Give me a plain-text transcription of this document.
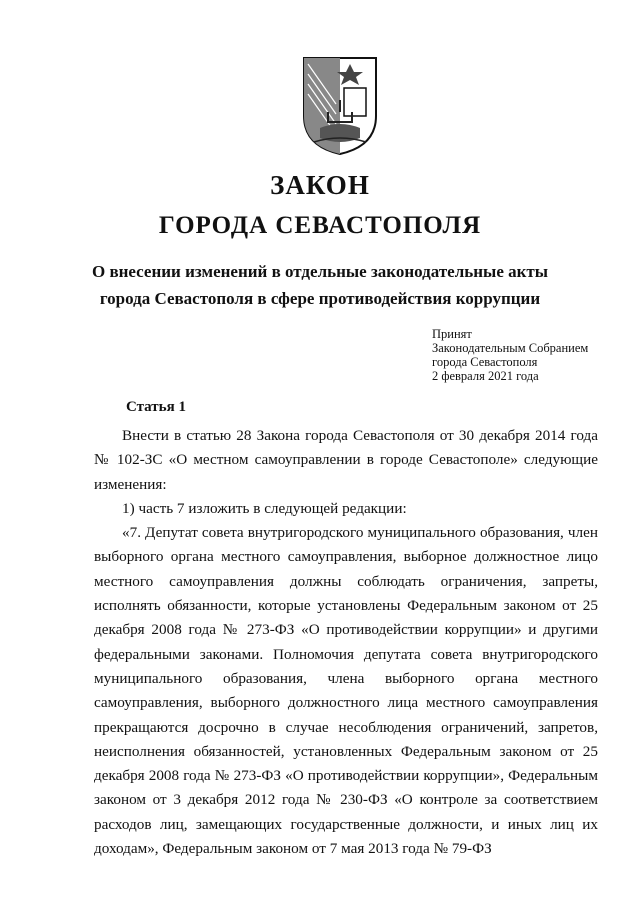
ЗАКОН
ГОРОДА СЕВАСТОПОЛЯ
О внесении изменений в отдельные законодательные акты
города Севастополя в сфере противодействия коррупции
Принят
Законодательным Собранием
города Севастополя
2 февраля 2021 года
Статья 1

Внести в статью 28 Закона города Севастополя от 30 декабря 2014 года № 102-ЗС «О местном самоуправлении в городе Севастополе» следующие изменения:

1) часть 7 изложить в следующей редакции:

«7. Депутат совета внутригородского муниципального образования, член выборного органа местного самоуправления, выборное должностное лицо местного самоуправления должны соблюдать ограничения, запреты, исполнять обязанности, которые установлены Федеральным законом от 25 декабря 2008 года № 273-ФЗ «О противодействии коррупции» и другими федеральными законами. Полномочия депутата совета внутригородского муниципального образования, члена выборного органа местного самоуправления, выборного должностного лица местного самоуправления прекращаются досрочно в случае несоблюдения ограничений, запретов, неисполнения обязанностей, установленных Федеральным законом от 25 декабря 2008 года № 273-ФЗ «О противодействии коррупции», Федеральным законом от 3 декабря 2012 года № 230-ФЗ «О контроле за соответствием расходов лиц, замещающих государственные должности, и иных лиц их доходам», Федеральным законом от 7 мая 2013 года № 79-ФЗ
